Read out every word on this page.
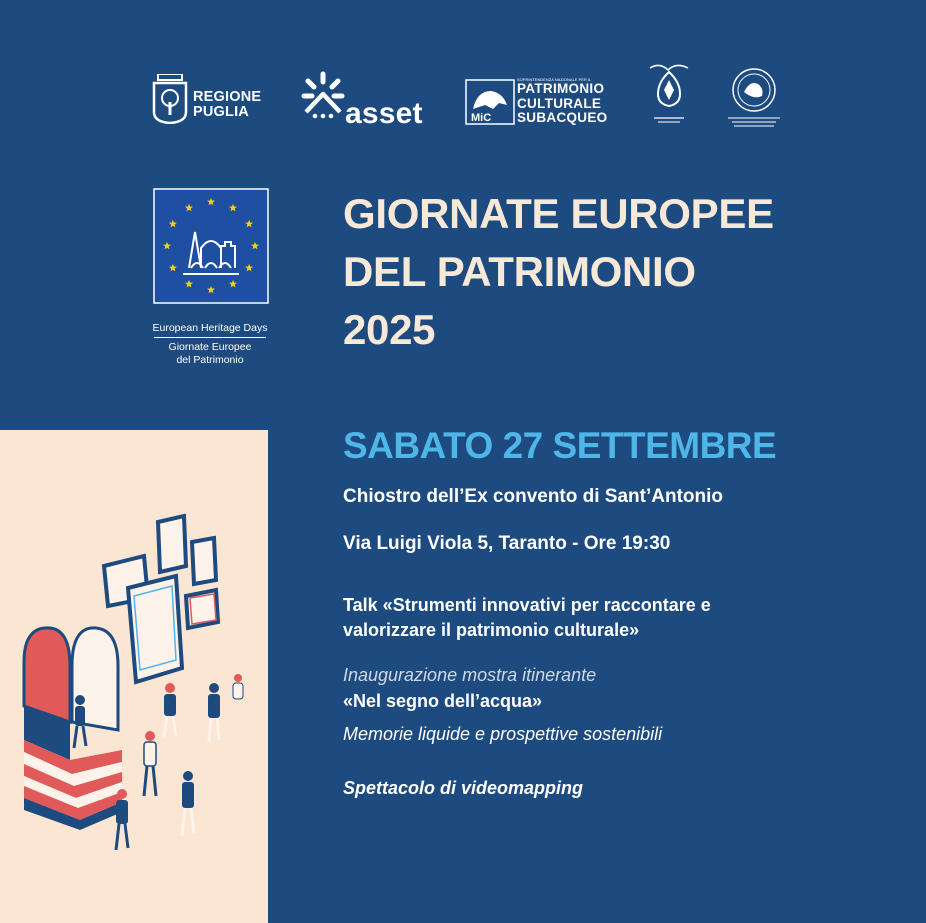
REGIONE
PUGLIA	asset	MiC
SOPRINTENDENZA NAZIONALE PER IL
PATRIMONIO
CULTURALE
SUBACQUEO
European Heritage Days
Giornate Europee
del Patrimonio
GIORNATE EUROPEE
DEL PATRIMONIO
2025
SABATO 27 SETTEMBRE
Chiostro dell’Ex convento di Sant’Antonio
Via Luigi Viola 5, Taranto - Ore 19:30
Talk «Strumenti innovativi per raccontare e
valorizzare il patrimonio culturale»
Inaugurazione mostra itinerante
«Nel segno dell’acqua»
Memorie liquide e prospettive sostenibili
Spettacolo di videomapping
